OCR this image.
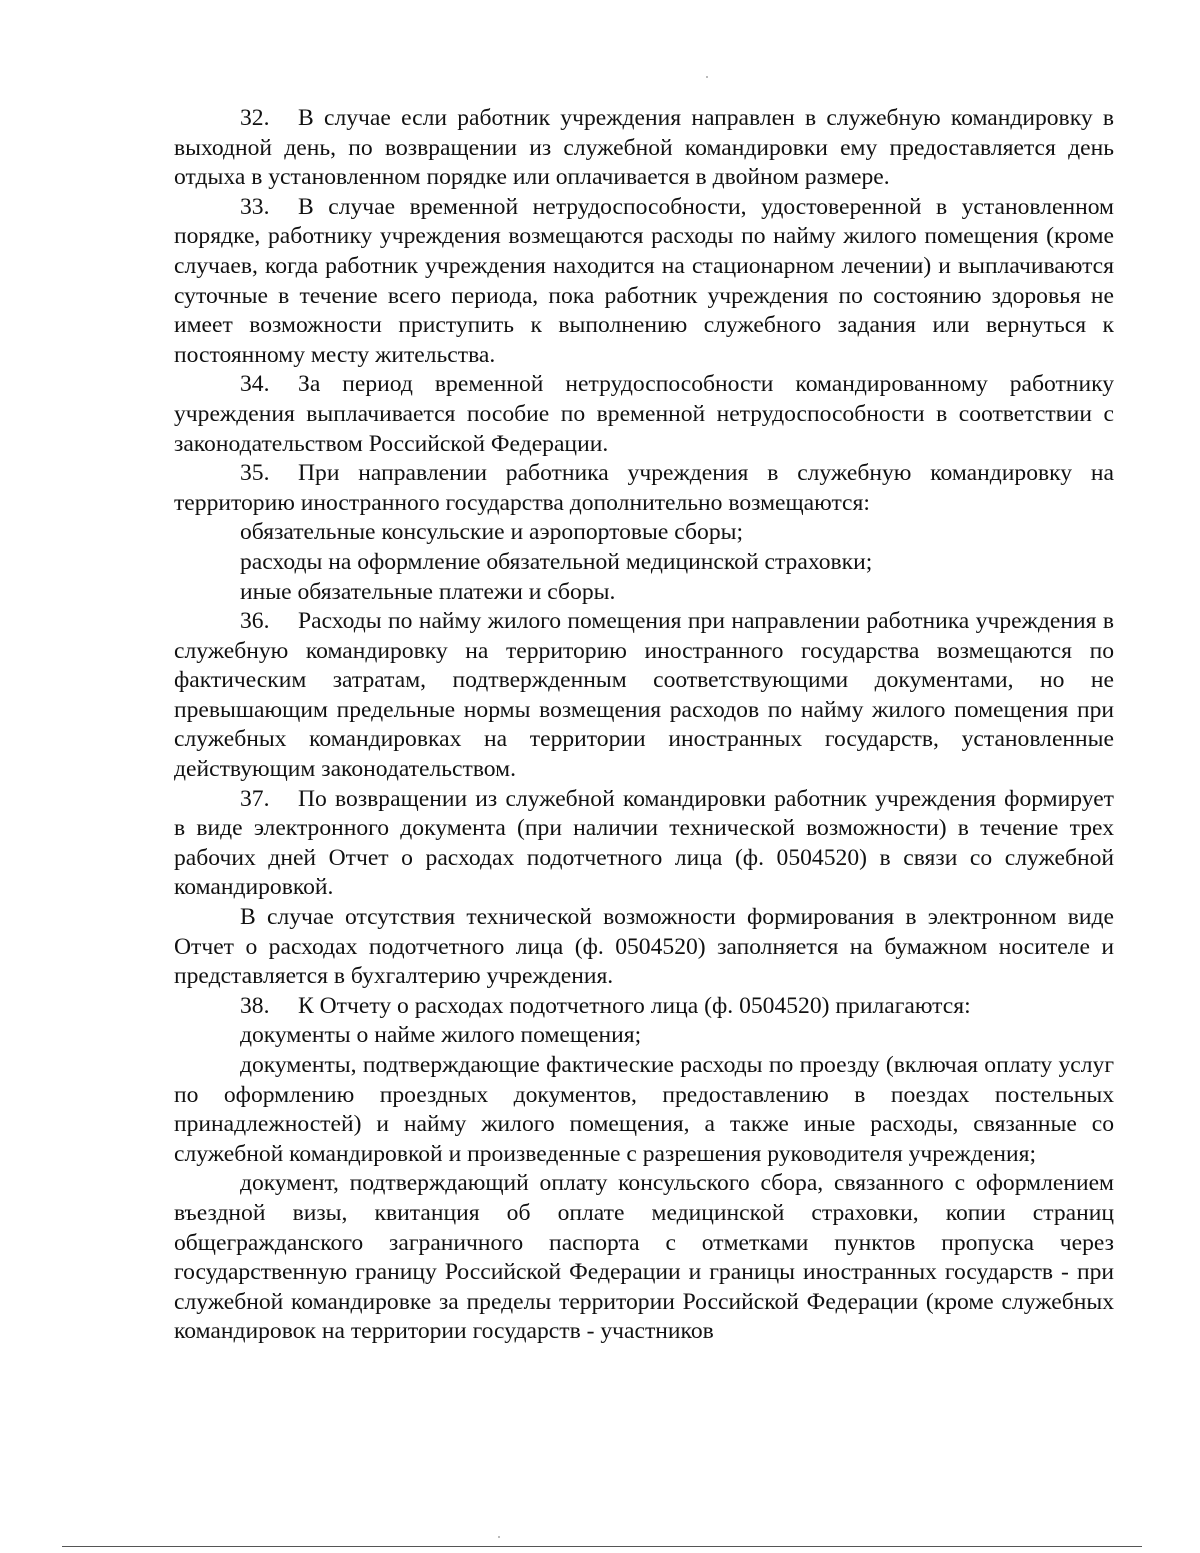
32. В случае если работник учреждения направлен в служебную командировку в выходной день, по возвращении из служебной командировки ему предоставляется день отдыха в установленном порядке или оплачивается в двойном размере.

33. В случае временной нетрудоспособности, удостоверенной в установленном порядке, работнику учреждения возмещаются расходы по найму жилого помещения (кроме случаев, когда работник учреждения находится на стационарном лечении) и выплачиваются суточные в течение всего периода, пока работник учреждения по состоянию здоровья не имеет возможности приступить к выполнению служебного задания или вернуться к постоянному месту жительства.

34. За период временной нетрудоспособности командированному работнику учреждения выплачивается пособие по временной нетрудоспособности в соответствии с законодательством Российской Федерации.

35. При направлении работника учреждения в служебную командировку на территорию иностранного государства дополнительно возмещаются:

обязательные консульские и аэропортовые сборы;

расходы на оформление обязательной медицинской страховки;

иные обязательные платежи и сборы.

36. Расходы по найму жилого помещения при направлении работника учреждения в служебную командировку на территорию иностранного государства возмещаются по фактическим затратам, подтвержденным соответствующими документами, но не превышающим предельные нормы возмещения расходов по найму жилого помещения при служебных командировках на территории иностранных государств, установленные действующим законодательством.

37. По возвращении из служебной командировки работник учреждения формирует в виде электронного документа (при наличии технической возможности) в течение трех рабочих дней Отчет о расходах подотчетного лица (ф. 0504520) в связи со служебной командировкой.

В случае отсутствия технической возможности формирования в электронном виде Отчет о расходах подотчетного лица (ф. 0504520) заполняется на бумажном носителе и представляется в бухгалтерию учреждения.

38. К Отчету о расходах подотчетного лица (ф. 0504520) прилагаются:

документы о найме жилого помещения;

документы, подтверждающие фактические расходы по проезду (включая оплату услуг по оформлению проездных документов, предоставлению в поездах постельных принадлежностей) и найму жилого помещения, а также иные расходы, связанные со служебной командировкой и произведенные с разрешения руководителя учреждения;

документ, подтверждающий оплату консульского сбора, связанного с оформлением въездной визы, квитанция об оплате медицинской страховки, копии страниц общегражданского заграничного паспорта с отметками пунктов пропуска через государственную границу Российской Федерации и границы иностранных государств - при служебной командировке за пределы территории Российской Федерации (кроме служебных командировок на территории государств - участников
